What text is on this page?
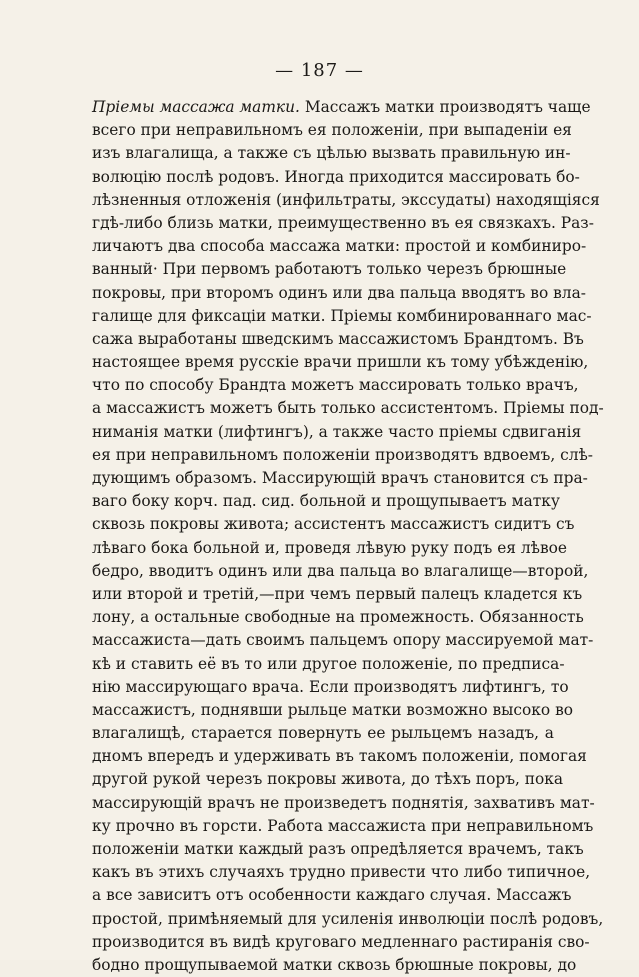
— 187 —
Пріемы массажа матки. Массажъ матки производятъ чаще
всего при неправильномъ ея положенiи, при выпаденiи ея
изъ влагалища, а также съ цѣлью вызвать правильную ин-
волюцiю послѣ родовъ. Иногда приходится массировать бо-
лѣзненныя отложенiя (инфильтраты, экссудаты) находящiяся
гдѣ-либо близь матки, преимущественно въ ея связкахъ. Раз-
личаютъ два способа массажа матки: простой и комбиниро-
ванный· При первомъ работаютъ только черезъ брюшные
покровы, при второмъ одинъ или два пальца вводятъ во вла-
галище для фиксацiи матки. Прiемы комбинированнаго мас-
сажа выработаны шведскимъ массажистомъ Брандтомъ. Въ
настоящее время русскiе врачи пришли къ тому убѣжденiю,
что по способу Брандта можетъ массировать только врачъ,
а массажистъ можетъ быть только ассистентомъ. Прiемы под-
ниманiя матки (лифтингъ), а также часто прiемы сдвиганiя
ея при неправильномъ положенiи производятъ вдвоемъ, слѣ-
дующимъ образомъ. Массирующiй врачъ становится съ пра-
ваго боку корч. пад. сид. больной и прощупываетъ матку
сквозь покровы живота; ассистентъ массажистъ сидитъ съ
лѣваго бока больной и, проведя лѣвую руку подъ ея лѣвое
бедро, вводитъ одинъ или два пальца во влагалище—второй,
или второй и третiй,—при чемъ первый палецъ кладется къ
лону, а остальные свободные на промежность. Обязанность
массажиста—дать своимъ пальцемъ опору массируемой мат-
кѣ и ставить её въ то или другое положенiе, по предписа-
нiю массирующаго врача. Если производятъ лифтингъ, то
массажистъ, поднявши рыльце матки возможно высоко во
влагалищѣ, старается повернуть ее рыльцемъ назадъ, а
дномъ впередъ и удерживать въ такомъ положенiи, помогая
другой рукой черезъ покровы живота, до тѣхъ поръ, пока
массирующiй врачъ не произведетъ поднятiя, захвативъ мат-
ку прочно въ горсти. Работа массажиста при неправильномъ
положенiи матки каждый разъ опредѣляется врачемъ, такъ
какъ въ этихъ случаяхъ трудно привести что либо типичное,
а все зависитъ отъ особенности каждаго случая. Массажъ
простой, примѣняемый для усиленiя инволюцiи послѣ родовъ,
производится въ видѣ круговаго медленнаго растиранiя сво-
бодно прощупываемой матки сквозь брюшные покровы, до
